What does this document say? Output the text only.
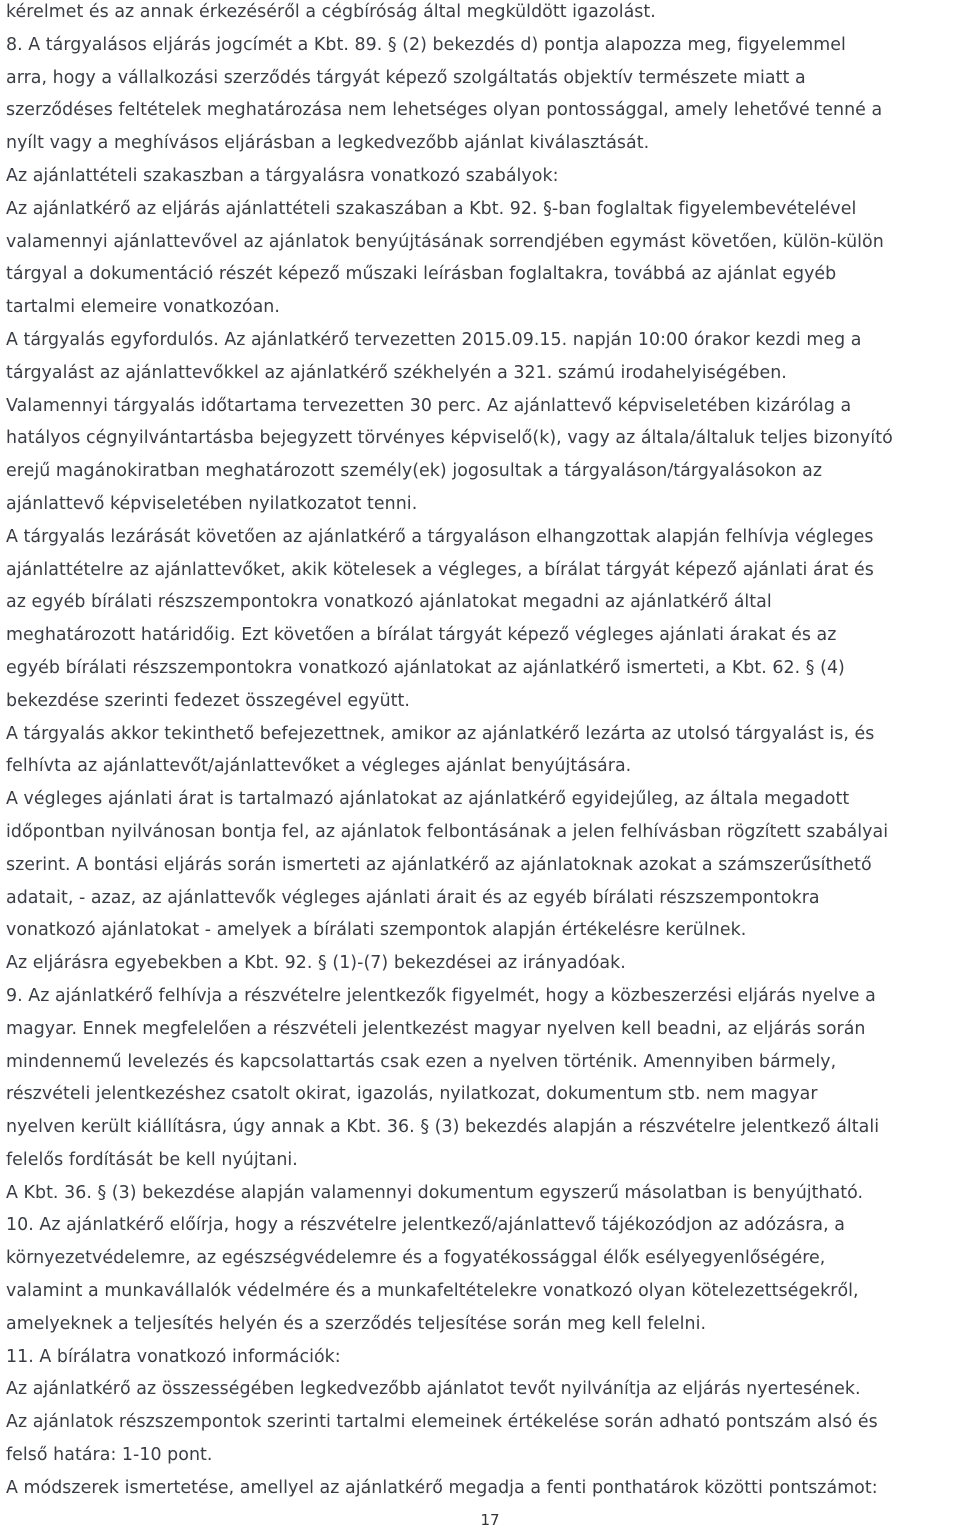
kérelmet és az annak érkezéséről a cégbíróság által megküldött igazolást.
8. A tárgyalásos eljárás jogcímét a Kbt. 89. § (2) bekezdés d) pontja alapozza meg, figyelemmel
arra, hogy a vállalkozási szerződés tárgyát képező szolgáltatás objektív természete miatt a
szerződéses feltételek meghatározása nem lehetséges olyan pontossággal, amely lehetővé tenné a
nyílt vagy a meghívásos eljárásban a legkedvezőbb ajánlat kiválasztását.
Az ajánlattételi szakaszban a tárgyalásra vonatkozó szabályok:
Az ajánlatkérő az eljárás ajánlattételi szakaszában a Kbt. 92. §-ban foglaltak figyelembevételével
valamennyi ajánlattevővel az ajánlatok benyújtásának sorrendjében egymást követően, külön-külön
tárgyal a dokumentáció részét képező műszaki leírásban foglaltakra, továbbá az ajánlat egyéb
tartalmi elemeire vonatkozóan.
A tárgyalás egyfordulós. Az ajánlatkérő tervezetten 2015.09.15. napján 10:00 órakor kezdi meg a
tárgyalást az ajánlattevőkkel az ajánlatkérő székhelyén a 321. számú irodahelyiségében.
Valamennyi tárgyalás időtartama tervezetten 30 perc. Az ajánlattevő képviseletében kizárólag a
hatályos cégnyilvántartásba bejegyzett törvényes képviselő(k), vagy az általa/általuk teljes bizonyító
erejű magánokiratban meghatározott személy(ek) jogosultak a tárgyaláson/tárgyalásokon az
ajánlattevő képviseletében nyilatkozatot tenni.
A tárgyalás lezárását követően az ajánlatkérő a tárgyaláson elhangzottak alapján felhívja végleges
ajánlattételre az ajánlattevőket, akik kötelesek a végleges, a bírálat tárgyát képező ajánlati árat és
az egyéb bírálati részszempontokra vonatkozó ajánlatokat megadni az ajánlatkérő által
meghatározott határidőig. Ezt követően a bírálat tárgyát képező végleges ajánlati árakat és az
egyéb bírálati részszempontokra vonatkozó ajánlatokat az ajánlatkérő ismerteti, a Kbt. 62. § (4)
bekezdése szerinti fedezet összegével együtt.
A tárgyalás akkor tekinthető befejezettnek, amikor az ajánlatkérő lezárta az utolsó tárgyalást is, és
felhívta az ajánlattevőt/ajánlattevőket a végleges ajánlat benyújtására.
A végleges ajánlati árat is tartalmazó ajánlatokat az ajánlatkérő egyidejűleg, az általa megadott
időpontban nyilvánosan bontja fel, az ajánlatok felbontásának a jelen felhívásban rögzített szabályai
szerint. A bontási eljárás során ismerteti az ajánlatkérő az ajánlatoknak azokat a számszerűsíthető
adatait, - azaz, az ajánlattevők végleges ajánlati árait és az egyéb bírálati részszempontokra
vonatkozó ajánlatokat - amelyek a bírálati szempontok alapján értékelésre kerülnek.
Az eljárásra egyebekben a Kbt. 92. § (1)-(7) bekezdései az irányadóak.
9. Az ajánlatkérő felhívja a részvételre jelentkezők figyelmét, hogy a közbeszerzési eljárás nyelve a
magyar. Ennek megfelelően a részvételi jelentkezést magyar nyelven kell beadni, az eljárás során
mindennemű levelezés és kapcsolattartás csak ezen a nyelven történik. Amennyiben bármely,
részvételi jelentkezéshez csatolt okirat, igazolás, nyilatkozat, dokumentum stb. nem magyar
nyelven került kiállításra, úgy annak a Kbt. 36. § (3) bekezdés alapján a részvételre jelentkező általi
felelős fordítását be kell nyújtani.
A Kbt. 36. § (3) bekezdése alapján valamennyi dokumentum egyszerű másolatban is benyújtható.
10. Az ajánlatkérő előírja, hogy a részvételre jelentkező/ajánlattevő tájékozódjon az adózásra, a
környezetvédelemre, az egészségvédelemre és a fogyatékossággal élők esélyegyenlőségére,
valamint a munkavállalók védelmére és a munkafeltételekre vonatkozó olyan kötelezettségekről,
amelyeknek a teljesítés helyén és a szerződés teljesítése során meg kell felelni.
11. A bírálatra vonatkozó információk:
Az ajánlatkérő az összességében legkedvezőbb ajánlatot tevőt nyilvánítja az eljárás nyertesének.
Az ajánlatok részszempontok szerinti tartalmi elemeinek értékelése során adható pontszám alsó és
felső határa: 1-10 pont.
A módszerek ismertetése, amellyel az ajánlatkérő megadja a fenti ponthatárok közötti pontszámot:
17
